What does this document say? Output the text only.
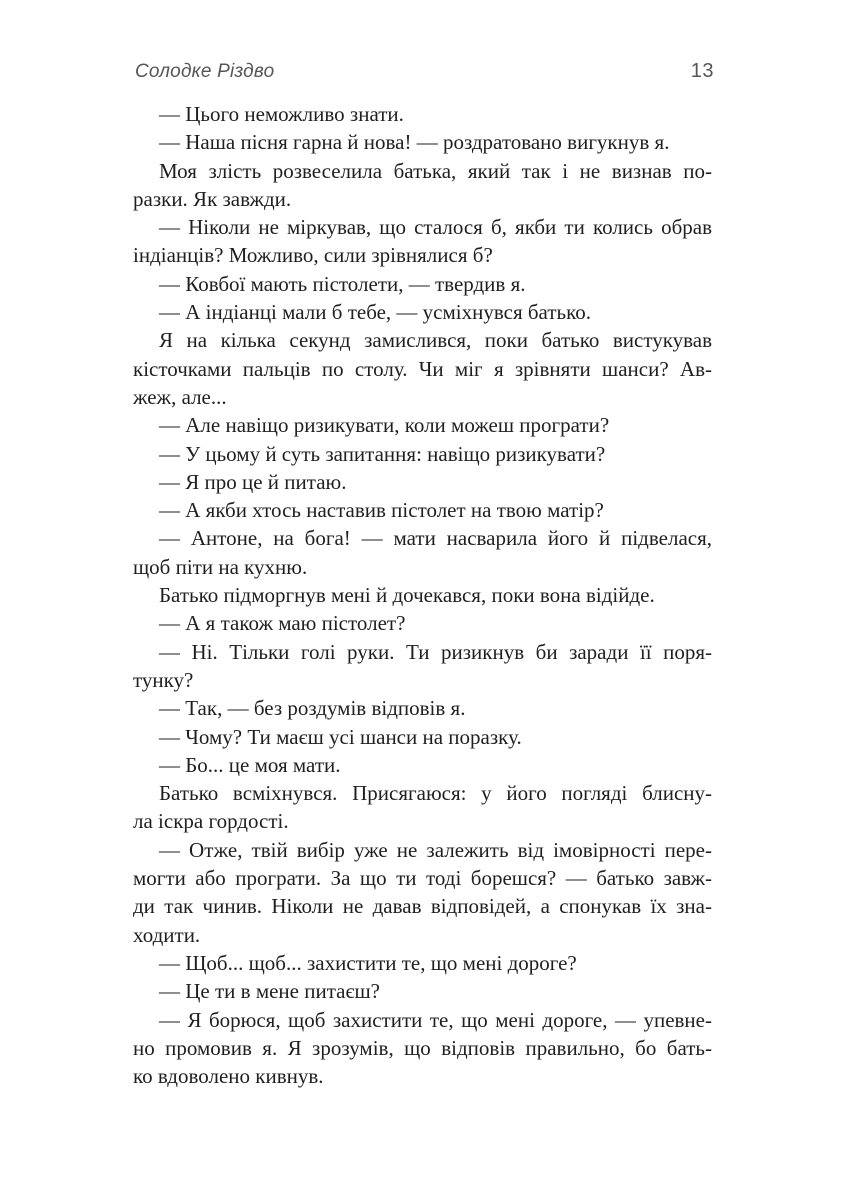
Солодке Різдво	13
— Цього неможливо знати.
— Наша пісня гарна й нова! — роздратовано вигукнув я.
Моя злість розвеселила батька, який так і не визнав по-
разки. Як завжди.
— Ніколи не міркував, що сталося б, якби ти колись обрав
індіанців? Можливо, сили зрівнялися б?
— Ковбої мають пістолети, — твердив я.
— А індіанці мали б тебе, — усміхнувся батько.
Я на кілька секунд замислився, поки батько вистукував
кісточками пальців по столу. Чи міг я зрівняти шанси? Ав-
жеж, але...
— Але навіщо ризикувати, коли можеш програти?
— У цьому й суть запитання: навіщо ризикувати?
— Я про це й питаю.
— А якби хтось наставив пістолет на твою матір?
— Антоне, на бога! — мати насварила його й підвелася,
щоб піти на кухню.
Батько підморгнув мені й дочекався, поки вона відійде.
— А я також маю пістолет?
— Ні. Тільки голі руки. Ти ризикнув би заради її поря-
тунку?
— Так, — без роздумів відповів я.
— Чому? Ти маєш усі шанси на поразку.
— Бо... це моя мати.
Батько всміхнувся. Присягаюся: у його погляді блисну-
ла іскра гордості.
— Отже, твій вибір уже не залежить від імовірності пере-
могти або програти. За що ти тоді борешся? — батько завж-
ди так чинив. Ніколи не давав відповідей, а спонукав їх зна-
ходити.
— Щоб... щоб... захистити те, що мені дороге?
— Це ти в мене питаєш?
— Я борюся, щоб захистити те, що мені дороге, — упевне-
но промовив я. Я зрозумів, що відповів правильно, бо бать-
ко вдоволено кивнув.
